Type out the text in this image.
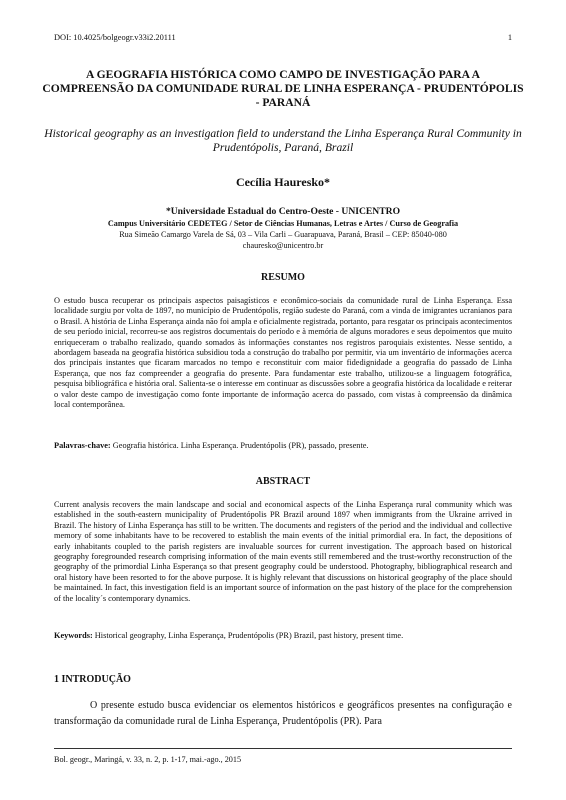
DOI: 10.4025/bolgeogr.v33i2.20111	1
A GEOGRAFIA HISTÓRICA COMO CAMPO DE INVESTIGAÇÃO PARA A COMPREENSÃO DA COMUNIDADE RURAL DE LINHA ESPERANÇA - PRUDENTÓPOLIS - PARANÁ
Historical geography as an investigation field to understand the Linha Esperança Rural Community in Prudentópolis, Paraná, Brazil
Cecília Hauresko*
*Universidade Estadual do Centro-Oeste - UNICENTRO
Campus Universitário CEDETEG / Setor de Ciências Humanas, Letras e Artes / Curso de Geografia
Rua Simeão Camargo Varela de Sá, 03 – Vila Carli – Guarapuava, Paraná, Brasil – CEP: 85040-080
chauresko@unicentro.br
RESUMO
O estudo busca recuperar os principais aspectos paisagísticos e econômico-sociais da comunidade rural de Linha Esperança. Essa localidade surgiu por volta de 1897, no município de Prudentópolis, região sudeste do Paraná, com a vinda de imigrantes ucranianos para o Brasil. A história de Linha Esperança ainda não foi ampla e oficialmente registrada, portanto, para resgatar os principais acontecimentos de seu período inicial, recorreu-se aos registros documentais do período e à memória de alguns moradores e seus depoimentos que muito enriqueceram o trabalho realizado, quando somados às informações constantes nos registros paroquiais existentes. Nesse sentido, a abordagem baseada na geografia histórica subsidiou toda a construção do trabalho por permitir, via um inventário de informações acerca dos principais instantes que ficaram marcados no tempo e reconstituir com maior fidedignidade a geografia do passado de Linha Esperança, que nos faz compreender a geografia do presente. Para fundamentar este trabalho, utilizou-se a linguagem fotográfica, pesquisa bibliográfica e história oral. Salienta-se o interesse em continuar as discussões sobre a geografia histórica da localidade e reiterar o valor deste campo de investigação como fonte importante de informação acerca do passado, com vistas à compreensão da dinâmica local contemporânea.
Palavras-chave: Geografia histórica. Linha Esperança. Prudentópolis (PR), passado, presente.
ABSTRACT
Current analysis recovers the main landscape and social and economical aspects of the Linha Esperança rural community which was established in the south-eastern municipality of Prudentópolis PR Brazil around 1897 when immigrants from the Ukraine arrived in Brazil. The history of Linha Esperança has still to be written. The documents and registers of the period and the individual and collective memory of some inhabitants have to be recovered to establish the main events of the initial primordial era. In fact, the depositions of early inhabitants coupled to the parish registers are invaluable sources for current investigation. The approach based on historical geography foregrounded research comprising information of the main events still remembered and the trust-worthy reconstruction of the geography of the primordial Linha Esperança so that present geography could be understood. Photography, bibliographical research and oral history have been resorted to for the above purpose. It is highly relevant that discussions on historical geography of the place should be maintained. In fact, this investigation field is an important source of information on the past history of the place for the comprehension of the locality´s contemporary dynamics.
Keywords: Historical geography, Linha Esperança, Prudentópolis (PR) Brazil, past history, present time.
1 INTRODUÇÃO
O presente estudo busca evidenciar os elementos históricos e geográficos presentes na configuração e transformação da comunidade rural de Linha Esperança, Prudentópolis (PR). Para
Bol. geogr., Maringá, v. 33, n. 2, p. 1-17, mai.-ago., 2015
